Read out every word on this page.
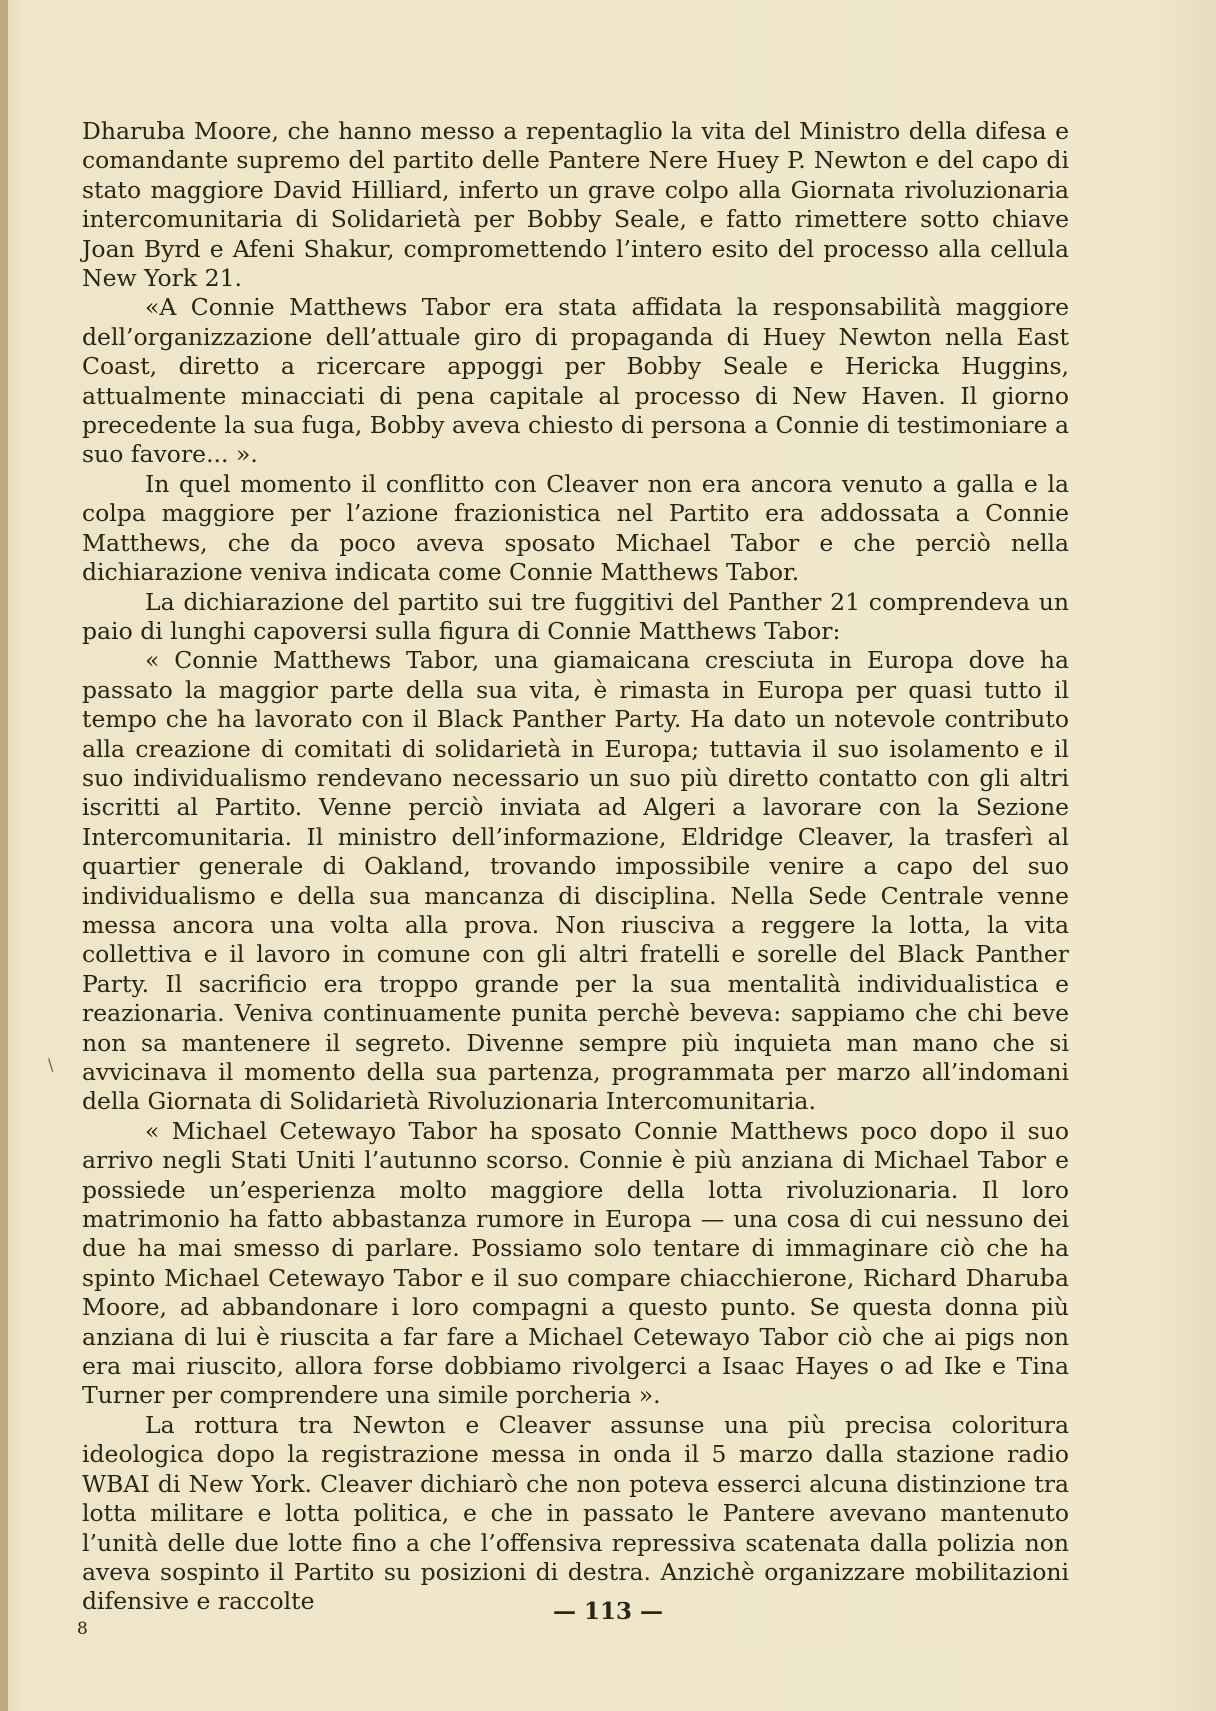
Dharuba Moore, che hanno messo a repentaglio la vita del Ministro della difesa e comandante supremo del partito delle Pantere Nere Huey P. Newton e del capo di stato maggiore David Hilliard, inferto un grave colpo alla Giornata rivoluzionaria intercomunitaria di Solidarietà per Bobby Seale, e fatto rimettere sotto chiave Joan Byrd e Afeni Shakur, compromettendo l’intero esito del processo alla cellula New York 21.

«A Connie Matthews Tabor era stata affidata la responsabilità maggiore dell’organizzazione dell’attuale giro di propaganda di Huey Newton nella East Coast, diretto a ricercare appoggi per Bobby Seale e Hericka Huggins, attualmente minacciati di pena capitale al processo di New Haven. Il giorno precedente la sua fuga, Bobby aveva chiesto di persona a Connie di testimoniare a suo favore... ».

In quel momento il conflitto con Cleaver non era ancora venuto a galla e la colpa maggiore per l’azione frazionistica nel Partito era addossata a Connie Matthews, che da poco aveva sposato Michael Tabor e che perciò nella dichiarazione veniva indicata come Connie Matthews Tabor.

La dichiarazione del partito sui tre fuggitivi del Panther 21 comprendeva un paio di lunghi capoversi sulla figura di Connie Matthews Tabor:

« Connie Matthews Tabor, una giamaicana cresciuta in Europa dove ha passato la maggior parte della sua vita, è rimasta in Europa per quasi tutto il tempo che ha lavorato con il Black Panther Party. Ha dato un notevole contributo alla creazione di comitati di solidarietà in Europa; tuttavia il suo isolamento e il suo individualismo rendevano necessario un suo più diretto contatto con gli altri iscritti al Partito. Venne perciò inviata ad Algeri a lavorare con la Sezione Intercomunitaria. Il ministro dell’informazione, Eldridge Cleaver, la trasferì al quartier generale di Oakland, trovando impossibile venire a capo del suo individualismo e della sua mancanza di disciplina. Nella Sede Centrale venne messa ancora una volta alla prova. Non riusciva a reggere la lotta, la vita collettiva e il lavoro in comune con gli altri fratelli e sorelle del Black Panther Party. Il sacrificio era troppo grande per la sua mentalità individualistica e reazionaria. Veniva continuamente punita perchè beveva: sappiamo che chi beve non sa mantenere il segreto. Divenne sempre più inquieta man mano che si avvicinava il momento della sua partenza, programmata per marzo all’indomani della Giornata di Solidarietà Rivoluzionaria Intercomunitaria.

« Michael Cetewayo Tabor ha sposato Connie Matthews poco dopo il suo arrivo negli Stati Uniti l’autunno scorso. Connie è più anziana di Michael Tabor e possiede un’esperienza molto maggiore della lotta rivoluzionaria. Il loro matrimonio ha fatto abbastanza rumore in Europa — una cosa di cui nessuno dei due ha mai smesso di parlare. Possiamo solo tentare di immaginare ciò che ha spinto Michael Cetewayo Tabor e il suo compare chiacchierone, Richard Dharuba Moore, ad abbandonare i loro compagni a questo punto. Se questa donna più anziana di lui è riuscita a far fare a Michael Cetewayo Tabor ciò che ai pigs non era mai riuscito, allora forse dobbiamo rivolgerci a Isaac Hayes o ad Ike e Tina Turner per comprendere una simile porcheria ».

La rottura tra Newton e Cleaver assunse una più precisa coloritura ideologica dopo la registrazione messa in onda il 5 marzo dalla stazione radio WBAI di New York. Cleaver dichiarò che non poteva esserci alcuna distinzione tra lotta militare e lotta politica, e che in passato le Pantere avevano mantenuto l’unità delle due lotte fino a che l’offensiva repressiva scatenata dalla polizia non aveva sospinto il Partito su posizioni di destra. Anzichè organizzare mobilitazioni difensive e raccolte

\
— 113 —
8
